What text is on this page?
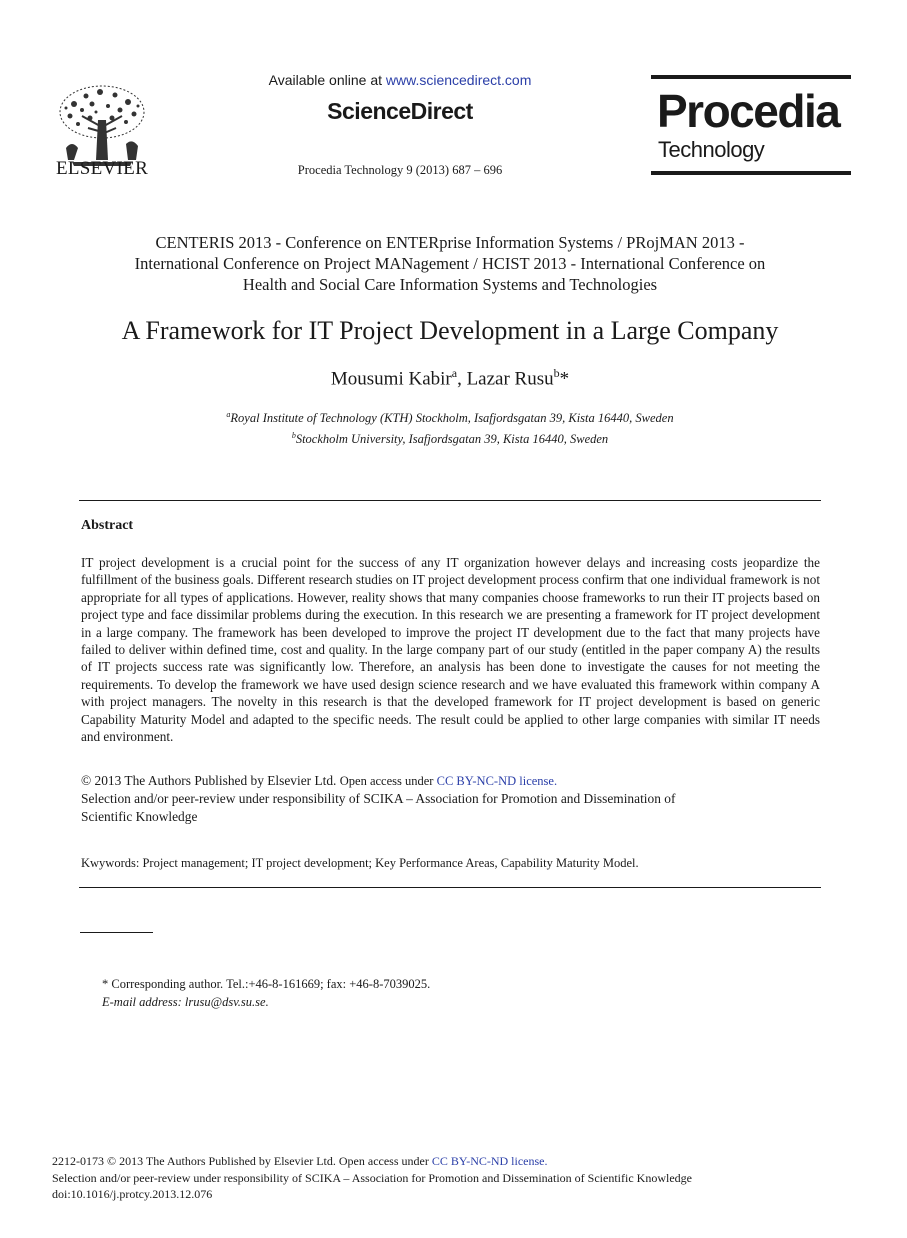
ELSEVIER
Available online at www.sciencedirect.com
ScienceDirect
Procedia Technology 9 (2013) 687 – 696
Procedia
Technology
CENTERIS 2013 - Conference on ENTERprise Information Systems / PRojMAN 2013 -
International Conference on Project MANagement / HCIST 2013 - International Conference on
Health and Social Care Information Systems and Technologies
A Framework for IT Project Development in a Large Company
Mousumi Kabir$^a$, Lazar Rusu$^b$*
$^a$Royal Institute of Technology (KTH) Stockholm, Isafjordsgatan 39, Kista 16440, Sweden
$^b$Stockholm University, Isafjordsgatan 39, Kista 16440, Sweden
Abstract
IT project development is a crucial point for the success of any IT organization however delays and increasing costs jeopardize the fulfillment of the business goals. Different research studies on IT project development process confirm that one individual framework is not appropriate for all types of applications. However, reality shows that many companies choose frameworks to run their IT projects based on project type and face dissimilar problems during the execution. In this research we are presenting a framework for IT project development in a large company. The framework has been developed to improve the project IT development due to the fact that many projects have failed to deliver within defined time, cost and quality. In the large company part of our study (entitled in the paper company A) the results of IT projects success rate was significantly low. Therefore, an analysis has been done to investigate the causes for not meeting the requirements. To develop the framework we have used design science research and we have evaluated this framework within company A with project managers. The novelty in this research is that the developed framework for IT project development is based on generic Capability Maturity Model and adapted to the specific needs. The result could be applied to other large companies with similar IT needs and environment.
© 2013 The Authors Published by Elsevier Ltd. Open access under CC BY-NC-ND license.
Selection and/or peer-review under responsibility of SCIKA – Association for Promotion and Dissemination of
Scientific Knowledge
Kwywords: Project management; IT project development; Key Performance Areas, Capability Maturity Model.
* Corresponding author. Tel.:+46-8-161669; fax: +46-8-7039025.
E-mail address: lrusu@dsv.su.se.
2212-0173 © 2013 The Authors Published by Elsevier Ltd. Open access under CC BY-NC-ND license.
Selection and/or peer-review under responsibility of SCIKA – Association for Promotion and Dissemination of Scientific Knowledge
doi:10.1016/j.protcy.2013.12.076
